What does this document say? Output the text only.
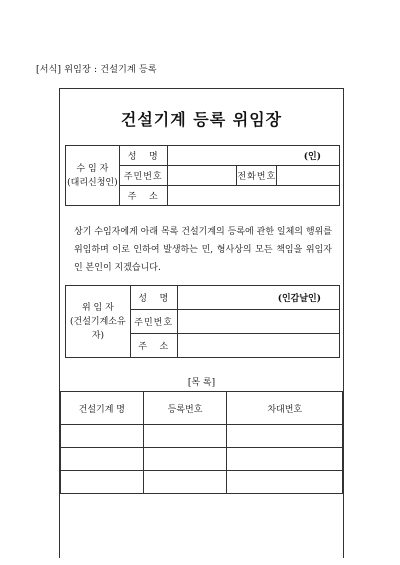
[서식] 위임장 : 건설기계 등록
건설기계 등록 위임장
수 임 자
(대리신청인)	성   명	(인)		
	주민번호		전화번호	
	주   소			
상기 수임자에게 아래 목록 건설기계의 등록에 관한 일체의 행위를 위임하며 이로 인하여 발생하는 민, 형사상의 모든 책임을 위임자인 본인이 지겠습니다.
위 임 자
(건설기계소유자)	성   명	(인감날인)
	주민번호	
	주   소	
[목 록]
건설기계 명	등록번호	차대번호
